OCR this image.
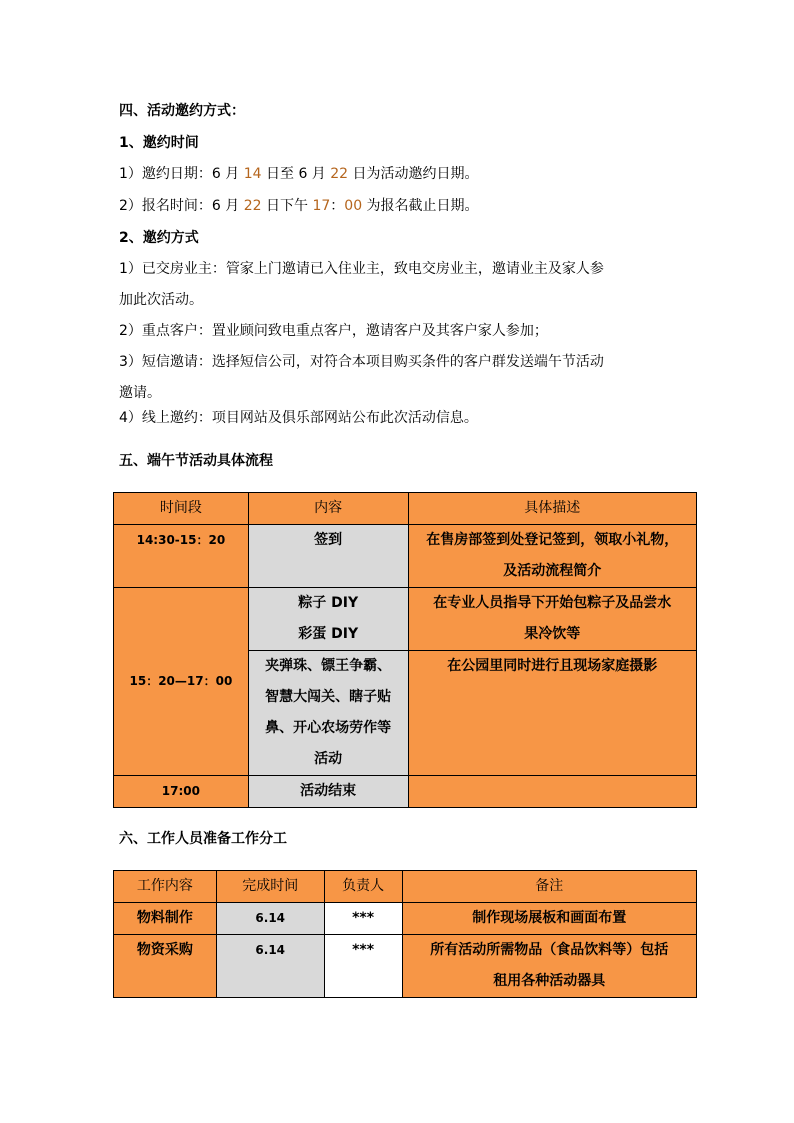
四、活动邀约方式：
1、邀约时间
1）邀约日期：6 月 14 日至 6 月 22 日为活动邀约日期。
2）报名时间：6 月 22 日下午 17：00 为报名截止日期。
2、邀约方式
1）已交房业主：管家上门邀请已入住业主，致电交房业主，邀请业主及家人参
加此次活动。
2）重点客户：置业顾问致电重点客户，邀请客户及其客户家人参加；
3）短信邀请：选择短信公司，对符合本项目购买条件的客户群发送端午节活动
邀请。
4）线上邀约：项目网站及俱乐部网站公布此次活动信息。
五、端午节活动具体流程
时间段	内容	具体描述
14:30-15：20	签到	在售房部签到处登记签到，领取小礼物，
及活动流程简介

15：20—17：00	粽子 DIY
彩蛋 DIY	在专业人员指导下开始包粽子及品尝水
果冷饮等

	夹弹珠、镖王争霸、
智慧大闯关、瞎子贴
鼻、开心农场劳作等
活动	在公园里同时进行且现场家庭摄影
17:00	活动结束	
六、工作人员准备工作分工
工作内容	完成时间	负责人	备注
物料制作	6.14	***	制作现场展板和画面布置
物资采购	6.14	***	所有活动所需物品（食品饮料等）包括
租用各种活动器具
